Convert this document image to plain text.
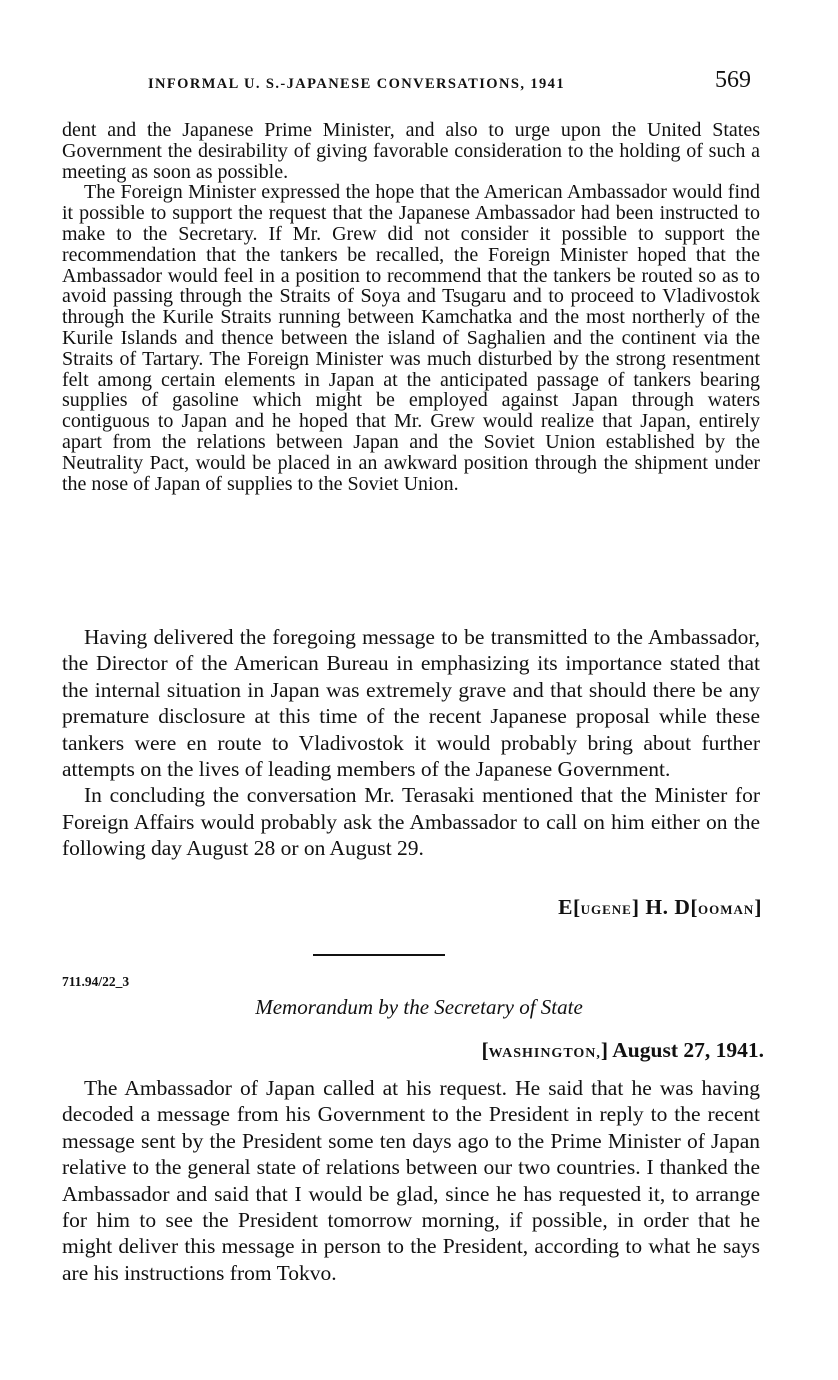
INFORMAL U. S.-JAPANESE CONVERSATIONS, 1941	569

dent and the Japanese Prime Minister, and also to urge upon the United States Government the desirability of giving favorable consideration to the holding of such a meeting as soon as possible.

The Foreign Minister expressed the hope that the American Ambassador would find it possible to support the request that the Japanese Ambassador had been instructed to make to the Secretary. If Mr. Grew did not consider it possible to support the recommendation that the tankers be recalled, the Foreign Minister hoped that the Ambassador would feel in a position to recommend that the tankers be routed so as to avoid passing through the Straits of Soya and Tsugaru and to proceed to Vladivostok through the Kurile Straits running between Kamchatka and the most northerly of the Kurile Islands and thence between the island of Saghalien and the continent via the Straits of Tartary. The Foreign Minister was much disturbed by the strong resentment felt among certain elements in Japan at the anticipated passage of tankers bearing supplies of gasoline which might be employed against Japan through waters contiguous to Japan and he hoped that Mr. Grew would realize that Japan, entirely apart from the relations between Japan and the Soviet Union established by the Neutrality Pact, would be placed in an awkward position through the shipment under the nose of Japan of supplies to the Soviet Union.

Having delivered the foregoing message to be transmitted to the Ambassador, the Director of the American Bureau in emphasizing its importance stated that the internal situation in Japan was extremely grave and that should there be any premature disclosure at this time of the recent Japanese proposal while these tankers were en route to Vladivostok it would probably bring about further attempts on the lives of leading members of the Japanese Government.

In concluding the conversation Mr. Terasaki mentioned that the Minister for Foreign Affairs would probably ask the Ambassador to call on him either on the following day August 28 or on August 29.

E[UGENE] H. D[OOMAN]
711.94/22_3
Memorandum by the Secretary of State
[WASHINGTON,] August 27, 1941.

The Ambassador of Japan called at his request. He said that he was having decoded a message from his Government to the President in reply to the recent message sent by the President some ten days ago to the Prime Minister of Japan relative to the general state of relations between our two countries. I thanked the Ambassador and said that I would be glad, since he has requested it, to arrange for him to see the President tomorrow morning, if possible, in order that he might deliver this message in person to the President, according to what he says are his instructions from Tokvo.
